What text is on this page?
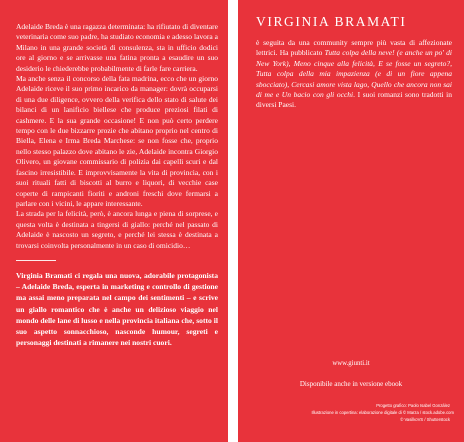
Adelaide Breda è una ragazza determinata: ha rifiutato di diventare veterinaria come suo padre, ha studiato economia e adesso lavora a Milano in una grande società di consulenza, sta in ufficio dodici ore al giorno e se arrivasse una fatina pronta a esaudire un suo desiderio le chiederebbe probabilmente di farle fare carriera.

Ma anche senza il concorso della fata madrina, ecco che un giorno Adelaide riceve il suo primo incarico da manager: dovrà occuparsi di una due diligence, ovvero della verifica dello stato di salute dei bilanci di un lanificio biellese che produce preziosi filati di cashmere. E la sua grande occasione! E non può certo perdere tempo con le due bizzarre prozie che abitano proprio nel centro di Biella, Elena e Irma Breda Marchese: se non fosse che, proprio nello stesso palazzo dove abitano le zie, Adelaide incontra Giorgio Olivero, un giovane commissario di polizia dai capelli scuri e dal fascino irresistibile. E improvvisamente la vita di provincia, con i suoi rituali fatti di biscotti al burro e liquori, di vecchie case coperte di rampicanti fioriti e androni freschi dove fermarsi a parlare con i vicini, le appare interessante.

La strada per la felicità, però, è ancora lunga e piena di sorprese, e questa volta è destinata a tingersi di giallo: perché nel passato di Adelaide è nascosto un segreto, e perché lei stessa è destinata a trovarsi coinvolta personalmente in un caso di omicidio…

Virginia Bramati ci regala una nuova, adorabile protagonista – Adelaide Breda, esperta in marketing e controllo di gestione ma assai meno preparata nel campo dei sentimenti – e scrive un giallo romantico che è anche un delizioso viaggio nel mondo delle lane di lusso e nella provincia italiana che, sotto il suo aspetto sonnacchioso, nasconde humour, segreti e personaggi destinati a rimanere nei nostri cuori.

VIRGINIA BRAMATI

è seguita da una community sempre più vasta di affezionate lettrici. Ha pubblicato Tutta colpa della neve! (e anche un po' di New York), Meno cinque alla felicità, E se fosse un segreto?, Tutta colpa della mia impazienza (e di un fiore appena sbocciato), Cercasi amore vista lago, Quello che ancora non sai di me e Un bacio con gli occhi. I suoi romanzi sono tradotti in diversi Paesi.

www.giunti.it
Disponibile anche in versione ebook
Progetto grafico: Paolo Isabel González
Illustrazione in copertina: elaborazione digitale di © Marza / stock.adobe.com
© VasilkoVS / Shutterstock
